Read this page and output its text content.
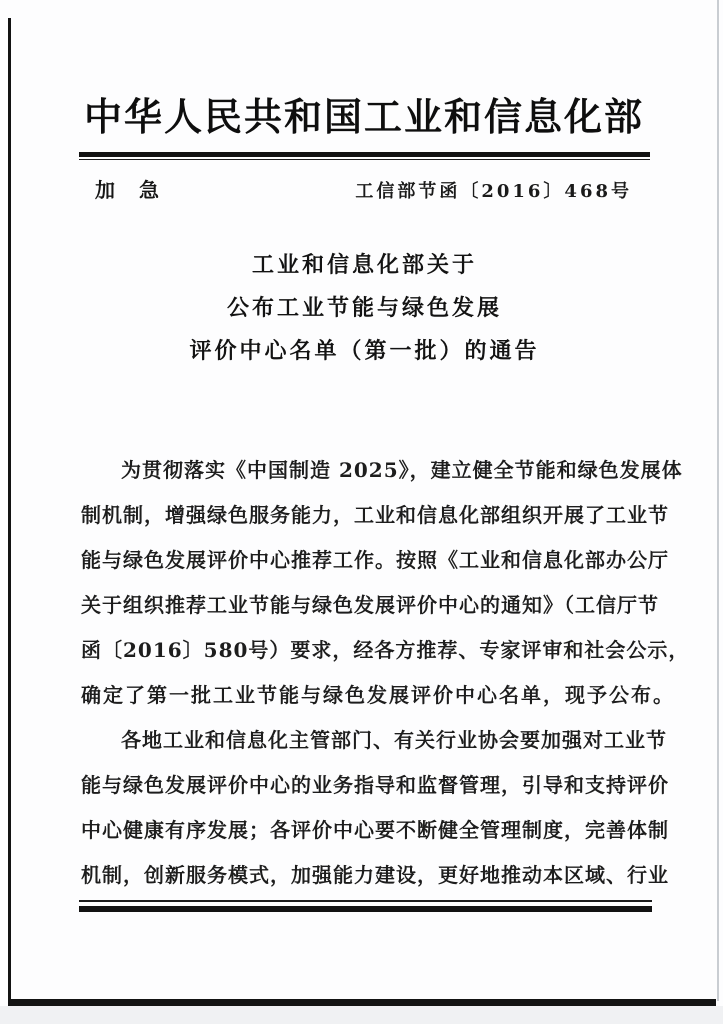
中华人民共和国工业和信息化部
加　急	工信部节函〔2016〕468号
工业和信息化部关于
公布工业节能与绿色发展
评价中心名单（第一批）的通告
为贯彻落实《中国制造 2025》，建立健全节能和绿色发展体
制机制，增强绿色服务能力，工业和信息化部组织开展了工业节
能与绿色发展评价中心推荐工作。按照《工业和信息化部办公厅
关于组织推荐工业节能与绿色发展评价中心的通知》（工信厅节
函〔2016〕580号）要求，经各方推荐、专家评审和社会公示，
确定了第一批工业节能与绿色发展评价中心名单，现予公布。
各地工业和信息化主管部门、有关行业协会要加强对工业节
能与绿色发展评价中心的业务指导和监督管理，引导和支持评价
中心健康有序发展；各评价中心要不断健全管理制度，完善体制
机制，创新服务模式，加强能力建设，更好地推动本区域、行业
